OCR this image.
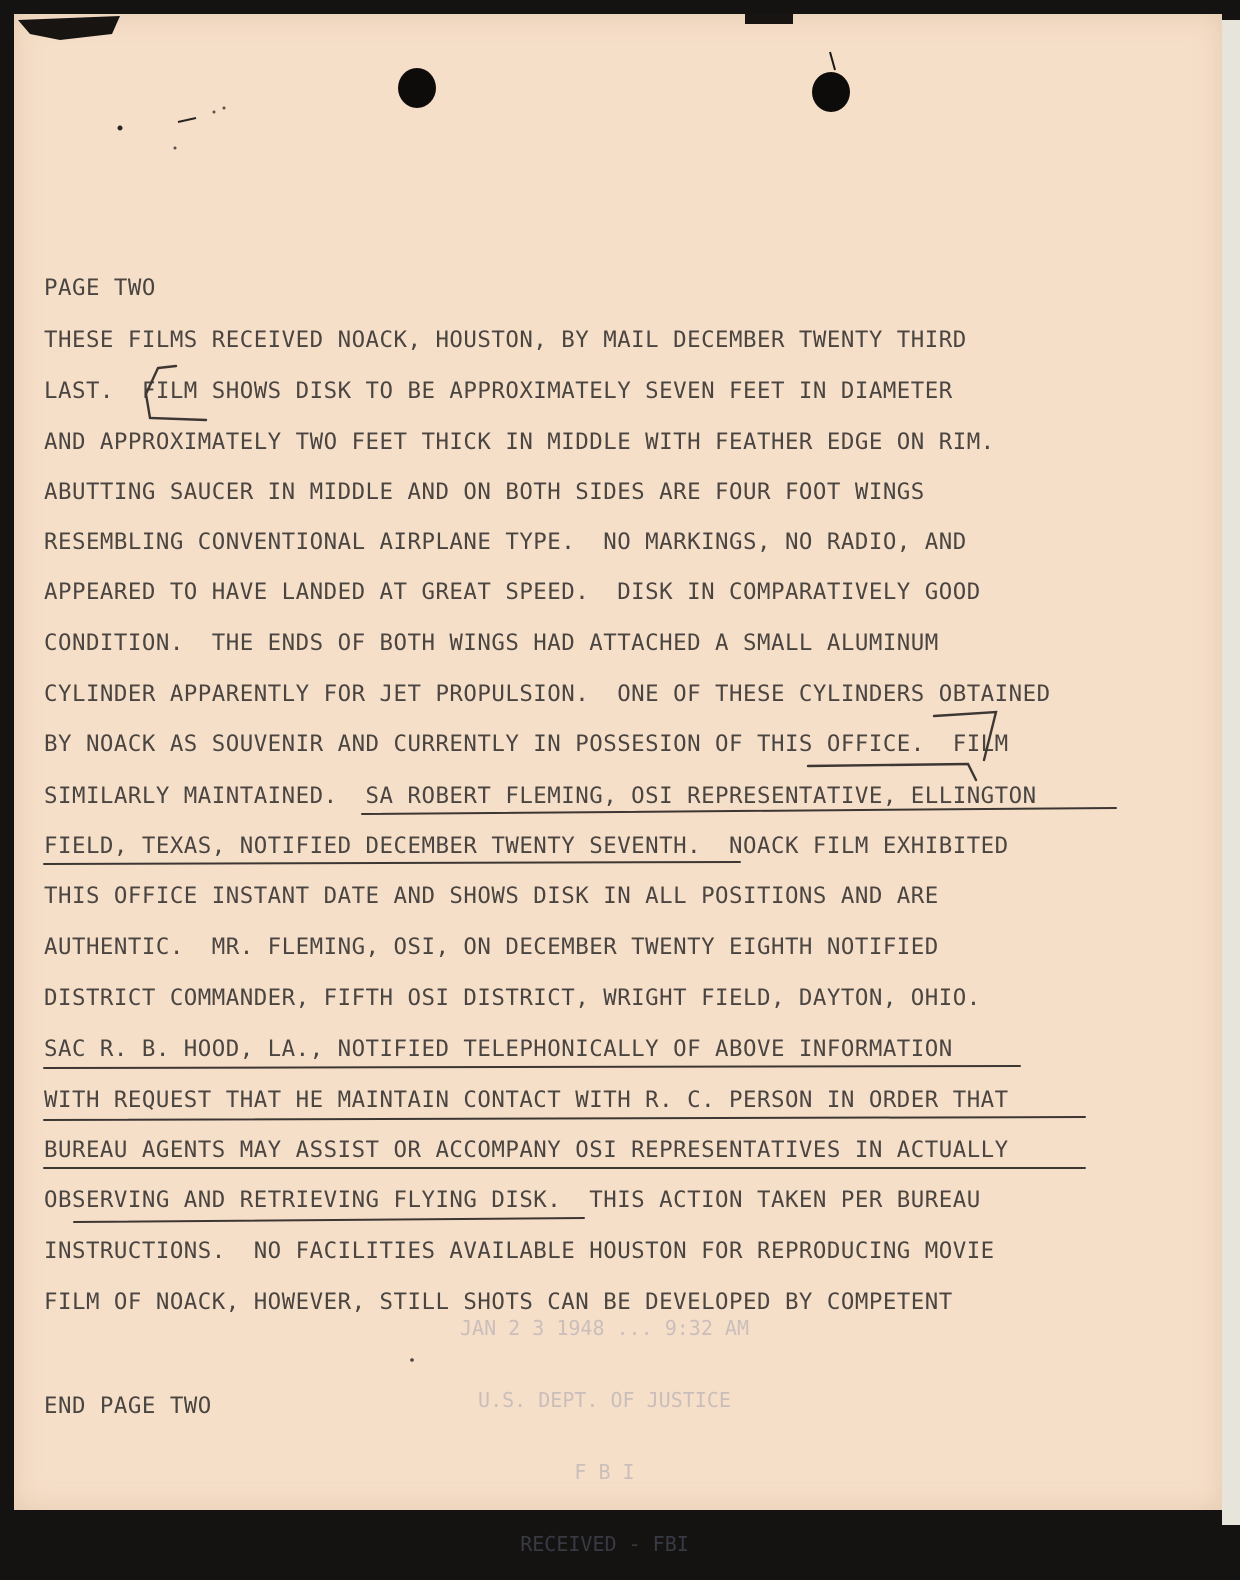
JAN 2 3 1948 ... 9:32 AM

U.S. DEPT. OF JUSTICE

F B I

RECEIVED - FBI

PAGE TWO

THESE FILMS RECEIVED NOACK, HOUSTON, BY MAIL DECEMBER TWENTY THIRD

LAST.  FILM SHOWS DISK TO BE APPROXIMATELY SEVEN FEET IN DIAMETER

AND APPROXIMATELY TWO FEET THICK IN MIDDLE WITH FEATHER EDGE ON RIM.

ABUTTING SAUCER IN MIDDLE AND ON BOTH SIDES ARE FOUR FOOT WINGS

RESEMBLING CONVENTIONAL AIRPLANE TYPE.  NO MARKINGS, NO RADIO, AND

APPEARED TO HAVE LANDED AT GREAT SPEED.  DISK IN COMPARATIVELY GOOD

CONDITION.  THE ENDS OF BOTH WINGS HAD ATTACHED A SMALL ALUMINUM

CYLINDER APPARENTLY FOR JET PROPULSION.  ONE OF THESE CYLINDERS OBTAINED

BY NOACK AS SOUVENIR AND CURRENTLY IN POSSESION OF THIS OFFICE.  FILM

SIMILARLY MAINTAINED.  SA ROBERT FLEMING, OSI REPRESENTATIVE, ELLINGTON

FIELD, TEXAS, NOTIFIED DECEMBER TWENTY SEVENTH.  NOACK FILM EXHIBITED

THIS OFFICE INSTANT DATE AND SHOWS DISK IN ALL POSITIONS AND ARE

AUTHENTIC.  MR. FLEMING, OSI, ON DECEMBER TWENTY EIGHTH NOTIFIED

DISTRICT COMMANDER, FIFTH OSI DISTRICT, WRIGHT FIELD, DAYTON, OHIO.

SAC R. B. HOOD, LA., NOTIFIED TELEPHONICALLY OF ABOVE INFORMATION

WITH REQUEST THAT HE MAINTAIN CONTACT WITH R. C. PERSON IN ORDER THAT

BUREAU AGENTS MAY ASSIST OR ACCOMPANY OSI REPRESENTATIVES IN ACTUALLY

OBSERVING AND RETRIEVING FLYING DISK.  THIS ACTION TAKEN PER BUREAU

INSTRUCTIONS.  NO FACILITIES AVAILABLE HOUSTON FOR REPRODUCING MOVIE

FILM OF NOACK, HOWEVER, STILL SHOTS CAN BE DEVELOPED BY COMPETENT

END PAGE TWO
